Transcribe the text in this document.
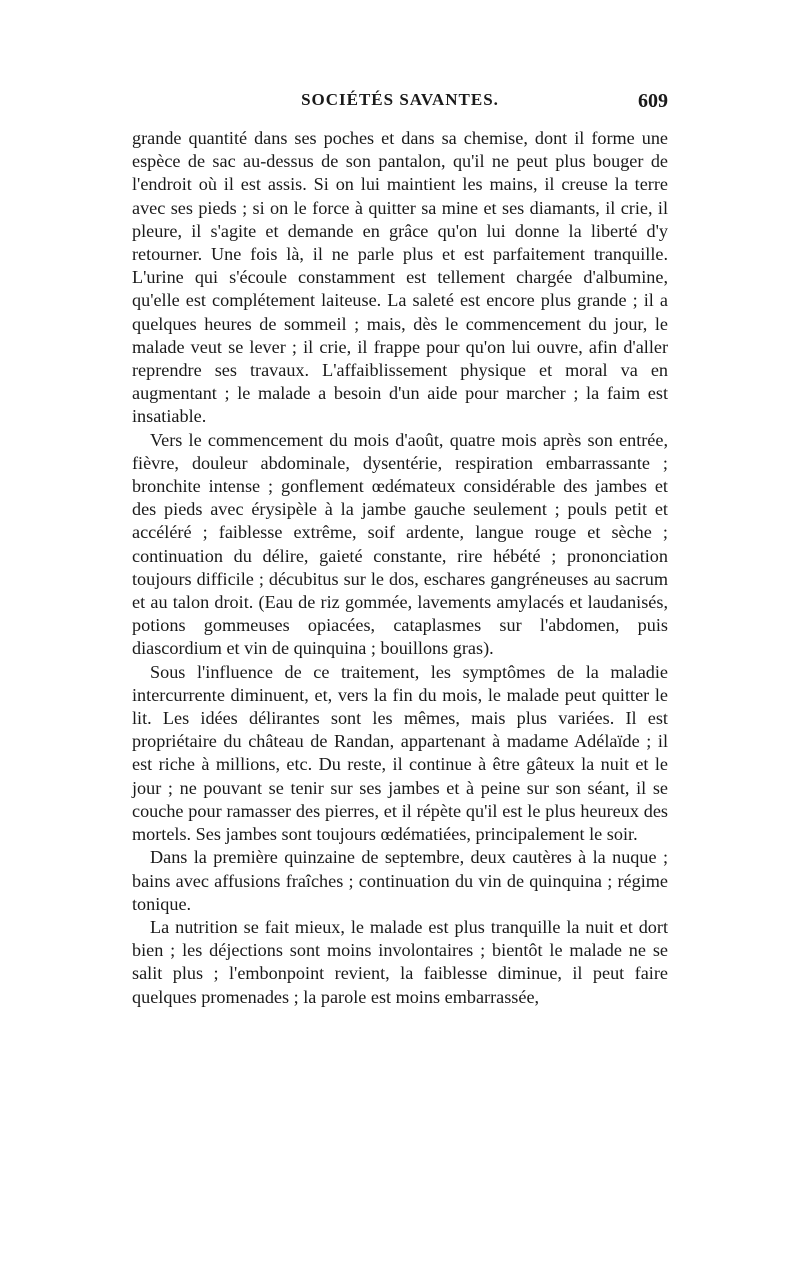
SOCIÉTÉS SAVANTES.	609

grande quantité dans ses poches et dans sa chemise, dont il forme une espèce de sac au-dessus de son pantalon, qu'il ne peut plus bouger de l'endroit où il est assis. Si on lui maintient les mains, il creuse la terre avec ses pieds ; si on le force à quitter sa mine et ses diamants, il crie, il pleure, il s'agite et demande en grâce qu'on lui donne la liberté d'y retourner. Une fois là, il ne parle plus et est parfaitement tranquille. L'urine qui s'écoule constamment est tellement chargée d'albumine, qu'elle est complétement laiteuse. La saleté est encore plus grande ; il a quelques heures de sommeil ; mais, dès le commencement du jour, le malade veut se lever ; il crie, il frappe pour qu'on lui ouvre, afin d'aller reprendre ses travaux. L'affaiblissement physique et moral va en augmentant ; le malade a besoin d'un aide pour marcher ; la faim est insatiable.

Vers le commencement du mois d'août, quatre mois après son entrée, fièvre, douleur abdominale, dysentérie, respiration embarrassante ; bronchite intense ; gonflement œdémateux considérable des jambes et des pieds avec érysipèle à la jambe gauche seulement ; pouls petit et accéléré ; faiblesse extrême, soif ardente, langue rouge et sèche ; continuation du délire, gaieté constante, rire hébété ; prononciation toujours difficile ; décubitus sur le dos, eschares gangréneuses au sacrum et au talon droit. (Eau de riz gommée, lavements amylacés et laudanisés, potions gommeuses opiacées, cataplasmes sur l'abdomen, puis diascordium et vin de quinquina ; bouillons gras).

Sous l'influence de ce traitement, les symptômes de la maladie intercurrente diminuent, et, vers la fin du mois, le malade peut quitter le lit. Les idées délirantes sont les mêmes, mais plus variées. Il est propriétaire du château de Randan, appartenant à madame Adélaïde ; il est riche à millions, etc. Du reste, il continue à être gâteux la nuit et le jour ; ne pouvant se tenir sur ses jambes et à peine sur son séant, il se couche pour ramasser des pierres, et il répète qu'il est le plus heureux des mortels. Ses jambes sont toujours œdématiées, principalement le soir.

Dans la première quinzaine de septembre, deux cautères à la nuque ; bains avec affusions fraîches ; continuation du vin de quinquina ; régime tonique.

La nutrition se fait mieux, le malade est plus tranquille la nuit et dort bien ; les déjections sont moins involontaires ; bientôt le malade ne se salit plus ; l'embonpoint revient, la faiblesse diminue, il peut faire quelques promenades ; la parole est moins embarrassée,
